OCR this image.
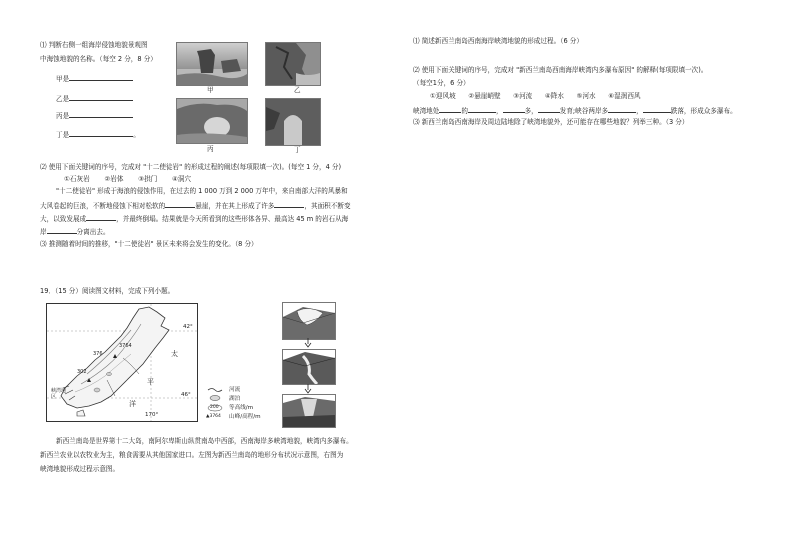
⑴ 判断右侧一组海岸侵蚀地貌景观图
中海蚀地貌的名称。（每空 2 分，8 分）
甲是
乙是
丙是
丁是	。
甲	乙
丙	丁
⑵ 使用下面关键词的序号，完成对 "十二使徒岩" 的形成过程的阐述(每项限填一次)。(每空 1 分，4 分)
①石灰岩 ②岩体 ③拱门 ④洞穴
"十二使徒岩" 形成于海浪的侵蚀作用，在过去的 1 000 万到 2 000 万年中，来自南部大洋的风暴和
大风卷起的巨浪，不断地侵蚀下相对松软的	悬崖，并在其上形成了许多	，其面积不断变
大，以致发展成	，并最终倒塌。结果就是今天所看到的这些形体各异、最高达 45 m 的岩石从海
岸	分离出去。
⑶ 推测随着时间的推移，"十二使徒岩" 景区未来将会发生的变化。（8 分）
⑴ 简述新西兰南岛西南海岸峡湾地貌的形成过程。（6 分）
⑵ 使用下面关键词的序号，完成对 "新西兰南岛西南海岸峡湾内多瀑布原因" 的解释(每项限填一次)。
（每空1分，6 分）
①迎风坡 ②悬崖峭壁 ③河流 ④降水 ⑤河水 ⑥湿润西风
峡湾地处	的	，	多，	发育;峡谷两岸多	，	跌落，形成众多瀑布。
⑶ 新西兰南岛西南海岸及周边陆地除了峡湾地貌外，还可能存在哪些地貌？列举三种。（3 分）
19．（15 分）阅读图文材料，完成下列小题。
42°
46°
170°
太
平
洋
376
3764
302
峡湾地区
河流
湖泊
等高线/m
山峰/高程/m
200
▲3764
新西兰南岛是世界第十二大岛，南阿尔卑斯山纵贯南岛中西部，西南海岸多峡湾地貌，峡湾内多瀑布。
新西兰农业以农牧业为主，粮食需要从其他国家进口。左图为新西兰南岛的地形分布状况示意图，右图为
峡湾地貌形成过程示意图。
